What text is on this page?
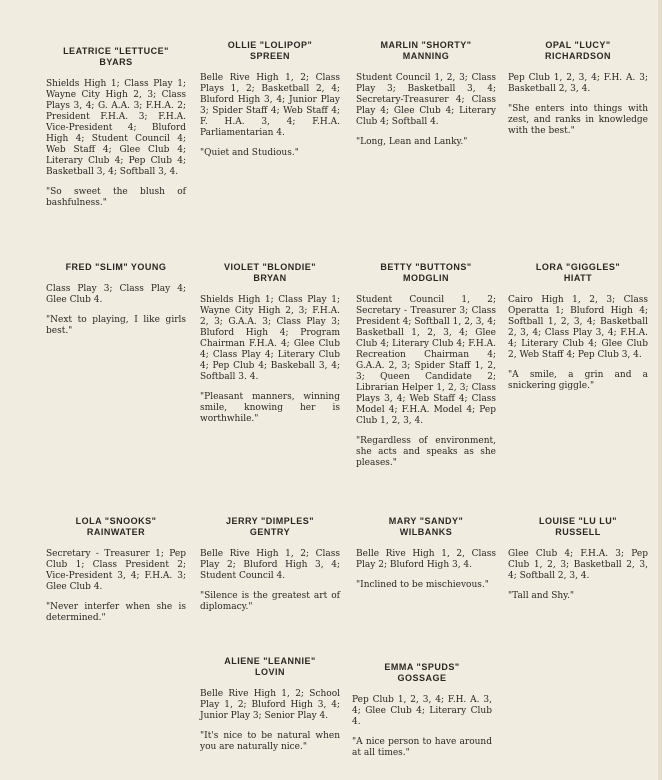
LEATRICE "LETTUCE"
BYARS
Shields High 1; Class Play 1; Wayne City High 2, 3; Class Plays 3, 4; G. A.A. 3; F.H.A. 2; President F.H.A. 3; F.H.A. Vice-President 4; Bluford High 4; Student Council 4; Web Staff 4; Glee Club 4; Literary Club 4; Pep Club 4; Basketball 3, 4; Softball 3, 4.
"So sweet the blush of bashfulness."
OLLIE "LOLIPOP"
SPREEN
Belle Rive High 1, 2; Class Plays 1, 2; Basketball 2, 4; Bluford High 3, 4; Junior Play 3; Spider Staff 4; Web Staff 4; F. H.A. 3, 4; F.H.A. Parliamentarian 4.
"Quiet and Studious."
MARLIN "SHORTY"
MANNING
Student Council 1, 2, 3; Class Play 3; Basketball 3, 4; Secretary-Treasurer 4; Class Play 4; Glee Club 4; Literary Club 4; Softball 4.
"Long, Lean and Lanky."
OPAL "LUCY"
RICHARDSON
Pep Club 1, 2, 3, 4; F.H. A. 3; Basketball 2, 3, 4.
"She enters into things with zest, and ranks in knowledge with the best."
FRED "SLIM" YOUNG
Class Play 3; Class Play 4; Glee Club 4.
"Next to playing, I like girls best."
VIOLET "BLONDIE"
BRYAN
Shields High 1; Class Play 1; Wayne City High 2, 3; F.H.A. 2, 3; G.A.A. 3; Class Play 3; Bluford High 4; Program Chairman F.H.A. 4; Glee Club 4; Class Play 4; Literary Club 4; Pep Club 4; Baskeball 3, 4; Softball 3. 4.
"Pleasant manners, winning smile, knowing her is worthwhile."
BETTY "BUTTONS"
MODGLIN
Student Council 1, 2; Secretary - Treasurer 3; Class President 4; Softball 1, 2, 3, 4; Basketball 1, 2, 3, 4; Glee Club 4; Literary Club 4; F.H.A. Recreation Chairman 4; G.A.A. 2, 3; Spider Staff 1, 2, 3; Queen Candidate 2; Librarian Helper 1, 2, 3; Class Plays 3, 4; Web Staff 4; Class Model 4; F.H.A. Model 4; Pep Club 1, 2, 3, 4.
"Regardless of environment, she acts and speaks as she pleases."
LORA "GIGGLES"
HIATT
Cairo High 1, 2, 3; Class Operatta 1; Bluford High 4; Softball 1, 2, 3, 4; Basketball 2, 3, 4; Class Play 3, 4; F.H.A. 4; Literary Club 4; Glee Club 2, Web Staff 4; Pep Club 3, 4.
"A smile, a grin and a snickering giggle."
LOLA "SNOOKS"
RAINWATER
Secretary - Treasurer 1; Pep Club 1; Class President 2; Vice-President 3, 4; F.H.A. 3; Glee Club 4.
"Never interfer when she is determined."
JERRY "DIMPLES"
GENTRY
Belle Rive High 1, 2; Class Play 2; Bluford High 3, 4; Student Council 4.
"Silence is the greatest art of diplomacy."
MARY "SANDY"
WILBANKS
Belle Rive High 1, 2, Class Play 2; Bluford High 3, 4.
"Inclined to be mischievous."
LOUISE "LU LU"
RUSSELL
Glee Club 4; F.H.A. 3; Pep Club 1, 2, 3; Basketball 2, 3, 4; Softball 2, 3, 4.
"Tall and Shy."
ALIENE "LEANNIE"
LOVIN
Belle Rive High 1, 2; School Play 1, 2; Bluford High 3, 4; Junior Play 3; Senior Play 4.
"It's nice to be natural when you are naturally nice."
EMMA "SPUDS"
GOSSAGE
Pep Club 1, 2, 3, 4; F.H. A. 3, 4; Glee Club 4; Literary Club 4.
"A nice person to have around at all times."
